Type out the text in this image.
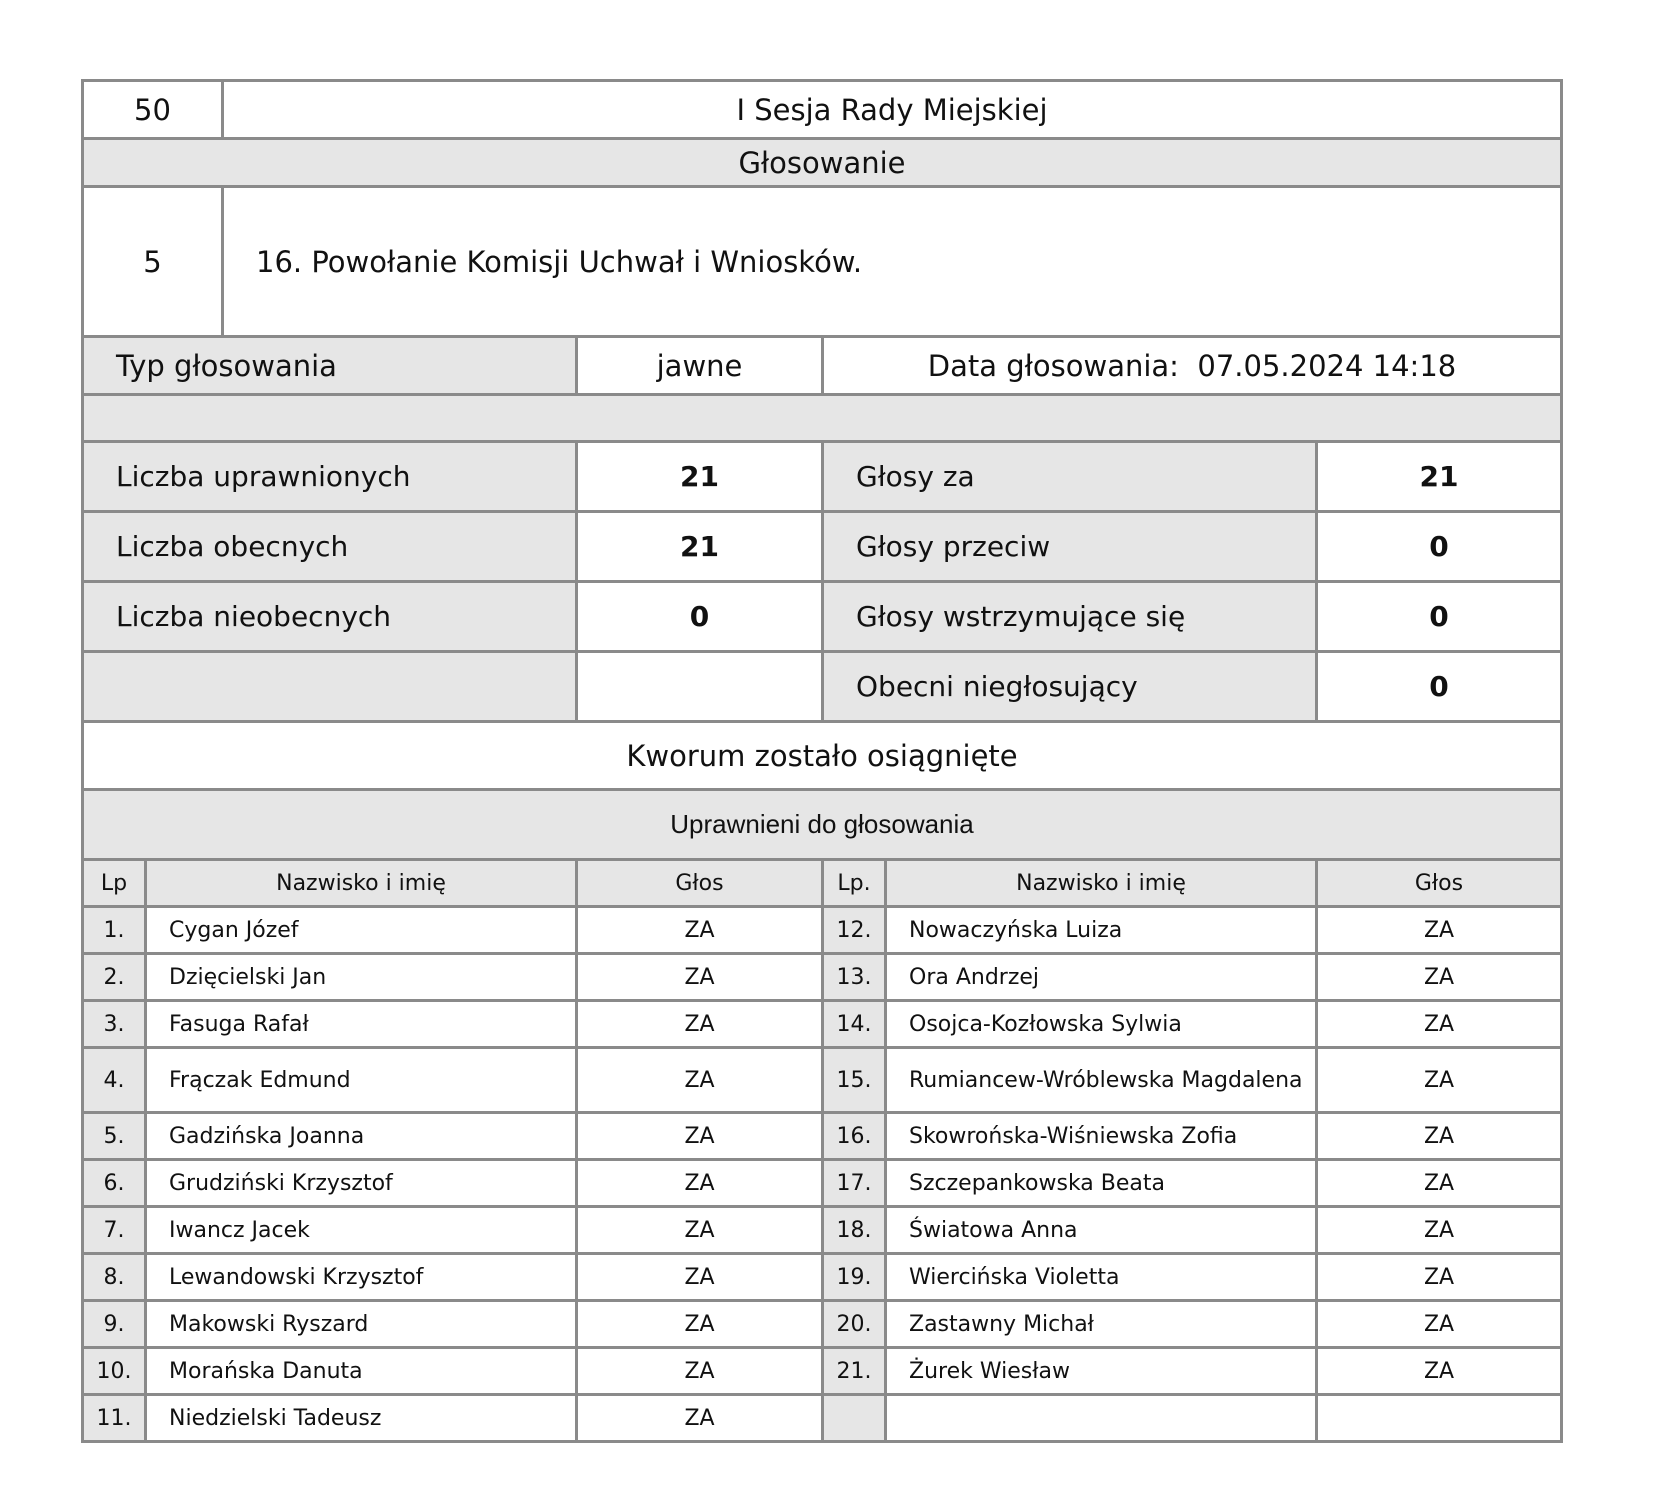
50	I Sesja Rady Miejskiej
Głosowanie	
5	16. Powołanie Komisji Uchwał i Wniosków.
Typ głosowania	jawne	Data głosowania: 07.05.2024 14:18	

Liczba uprawnionych	21	Głosy za	21
Liczba obecnych	21	Głosy przeciw	0
Liczba nieobecnych	0	Głosy wstrzymujące się	0
		Obecni niegłosujący	0
Kworum zostało osiągnięte			
Uprawnieni do głosowania			
Lp	Nazwisko i imię	Głos	Lp.	Nazwisko i imię	Głos
1.	Cygan Józef	ZA	12.	Nowaczyńska Luiza	ZA
2.	Dzięcielski Jan	ZA	13.	Ora Andrzej	ZA
3.	Fasuga Rafał	ZA	14.	Osojca-Kozłowska Sylwia	ZA
4.	Frączak Edmund	ZA	15.	Rumiancew-Wróblewska Magdalena	ZA
5.	Gadzińska Joanna	ZA	16.	Skowrońska-Wiśniewska Zofia	ZA
6.	Grudziński Krzysztof	ZA	17.	Szczepankowska Beata	ZA
7.	Iwancz Jacek	ZA	18.	Światowa Anna	ZA
8.	Lewandowski Krzysztof	ZA	19.	Wiercińska Violetta	ZA
9.	Makowski Ryszard	ZA	20.	Zastawny Michał	ZA
10.	Morańska Danuta	ZA	21.	Żurek Wiesław	ZA
11.	Niedzielski Tadeusz	ZA			
